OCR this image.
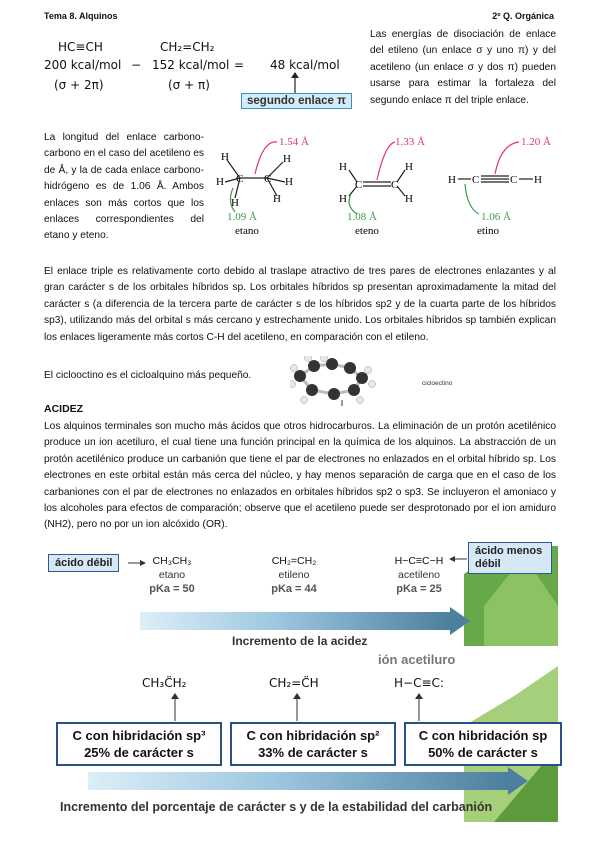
Tema 8. Alquinos	2º Q. Orgánica
HC≡CH	CH₂=CH₂
200 kcal/mol − 152 kcal/mol = 48 kcal/mol
(σ + 2π)	(σ + π)
segundo enlace π
Las energías de disociación de enlace del etileno (un enlace σ y uno π) y del acetileno (un enlace σ y dos π) pueden usarse para estimar la fortaleza del segundo enlace π del triple enlace.
La longitud del enlace carbono-carbono en el caso del acetileno es de Å, y la de cada enlace carbono-hidrógeno es de 1.06 Å. Ambos enlaces son más cortos que los enlaces correspondientes del etano y eteno.
H
H
H
C C
H
H
H
1.54 Å
1.09 Å
etano
H
H
C	C
H
H
1.33 Å
1.08 Å
eteno
H C	C H
1.20 Å
1.06 Å
etino
El enlace triple es relativamente corto debido al traslape atractivo de tres pares de electrones enlazantes y al gran carácter s de los orbitales híbridos sp. Los orbitales híbridos sp presentan aproximadamente la mitad del carácter s (a diferencia de la tercera parte de carácter s de los híbridos sp2 y de la cuarta parte de los híbridos sp3), utilizando más del orbital s más cercano y estrechamente unido. Los orbitales híbridos sp también explican los enlaces ligeramente más cortos C-H del acetileno, en comparación con el etileno.
El ciclooctino es el cicloalquino más pequeño.
cicloectino
ACIDEZ
Los alquinos terminales son mucho más ácidos que otros hidrocarburos. La eliminación de un protón acetilénico produce un ion acetiluro, el cual tiene una función principal en la química de los alquinos. La abstracción de un protón acetilénico produce un carbanión que tiene el par de electrones no enlazados en el orbital híbrido sp. Los electrones en este orbital están más cerca del núcleo, y hay menos separación de carga que en el caso de los carbaniones con el par de electrones no enlazados en orbitales híbridos sp2 o sp3. Se incluyeron el amoniaco y los alcoholes para efectos de comparación; observe que el acetileno puede ser desprotonado por el ion amiduro (NH2), pero no por un ion alcóxido (OR).
ácido débil	CH₃CH₃
etano
pKa = 50
CH₂=CH₂
etileno
pKa = 44
H−C≡C−H
acetileno
pKa = 25
ácido menos débil
Incremento de la acidez
ión acetiluro
CH₃C̈H₂	CH₂=C̈H	H−C≡C:
C con hibridación sp³
25% de carácter s
C con hibridación sp²
33% de carácter s
C con hibridación sp
50% de carácter s
Incremento del porcentaje de carácter s y de la estabilidad del carbanión
